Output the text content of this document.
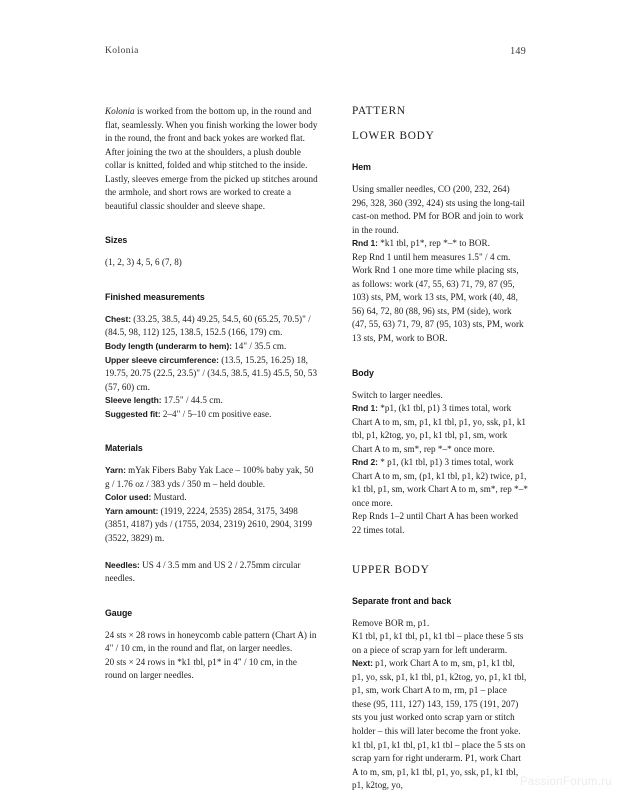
Kolonia	149

Kolonia is worked from the bottom up, in the round and flat, seamlessly. When you finish working the lower body in the round, the front and back yokes are worked flat. After joining the two at the shoulders, a plush double collar is knitted, folded and whip stitched to the inside. Lastly, sleeves emerge from the picked up stitches around the armhole, and short rows are worked to create a beautiful classic shoulder and sleeve shape.

Sizes

(1, 2, 3) 4, 5, 6 (7, 8)

Finished measurements

Chest: (33.25, 38.5, 44) 49.25, 54.5, 60 (65.25, 70.5)" / (84.5, 98, 112) 125, 138.5, 152.5 (166, 179) cm.

Body length (underarm to hem): 14" / 35.5 cm.

Upper sleeve circumference: (13.5, 15.25, 16.25) 18, 19.75, 20.75 (22.5, 23.5)" / (34.5, 38.5, 41.5) 45.5, 50, 53 (57, 60) cm.

Sleeve length: 17.5" / 44.5 cm.

Suggested fit: 2–4" / 5–10 cm positive ease.

Materials

Yarn: mYak Fibers Baby Yak Lace – 100% baby yak, 50 g / 1.76 oz / 383 yds / 350 m – held double.

Color used: Mustard.

Yarn amount: (1919, 2224, 2535) 2854, 3175, 3498 (3851, 4187) yds / (1755, 2034, 2319) 2610, 2904, 3199 (3522, 3829) m.

Needles: US 4 / 3.5 mm and US 2 / 2.75mm circular needles.

Gauge

24 sts × 28 rows in honeycomb cable pattern (Chart A) in 4" / 10 cm, in the round and flat, on larger needles.

20 sts × 24 rows in *k1 tbl, p1* in 4" / 10 cm, in the round on larger needles.

PATTERN
LOWER BODY
Hem

Using smaller needles, CO (200, 232, 264) 296, 328, 360 (392, 424) sts using the long-tail cast-on method. PM for BOR and join to work in the round.

Rnd 1: *k1 tbl, p1*, rep *–* to BOR.

Rep Rnd 1 until hem measures 1.5" / 4 cm. Work Rnd 1 one more time while placing sts, as follows: work (47, 55, 63) 71, 79, 87 (95, 103) sts, PM, work 13 sts, PM, work (40, 48, 56) 64, 72, 80 (88, 96) sts, PM (side), work (47, 55, 63) 71, 79, 87 (95, 103) sts, PM, work 13 sts, PM, work to BOR.

Body

Switch to larger needles.

Rnd 1: *p1, (k1 tbl, p1) 3 times total, work Chart A to m, sm, p1, k1 tbl, p1, yo, ssk, p1, k1 tbl, p1, k2tog, yo, p1, k1 tbl, p1, sm, work Chart A to m, sm*, rep *–* once more.

Rnd 2: * p1, (k1 tbl, p1) 3 times total, work Chart A to m, sm, (p1, k1 tbl, p1, k2) twice, p1, k1 tbl, p1, sm, work Chart A to m, sm*, rep *–* once more.

Rep Rnds 1–2 until Chart A has been worked 22 times total.

UPPER BODY
Separate front and back

Remove BOR m, p1.

K1 tbl, p1, k1 tbl, p1, k1 tbl – place these 5 sts on a piece of scrap yarn for left underarm.

Next: p1, work Chart A to m, sm, p1, k1 tbl, p1, yo, ssk, p1, k1 tbl, p1, k2tog, yo, p1, k1 tbl, p1, sm, work Chart A to m, rm, p1 – place these (95, 111, 127) 143, 159, 175 (191, 207) sts you just worked onto scrap yarn or stitch holder – this will later become the front yoke. k1 tbl, p1, k1 tbl, p1, k1 tbl – place the 5 sts on scrap yarn for right underarm. P1, work Chart A to m, sm, p1, k1 tbl, p1, yo, ssk, p1, k1 tbl, p1, k2tog, yo,	PassionForum.ru
